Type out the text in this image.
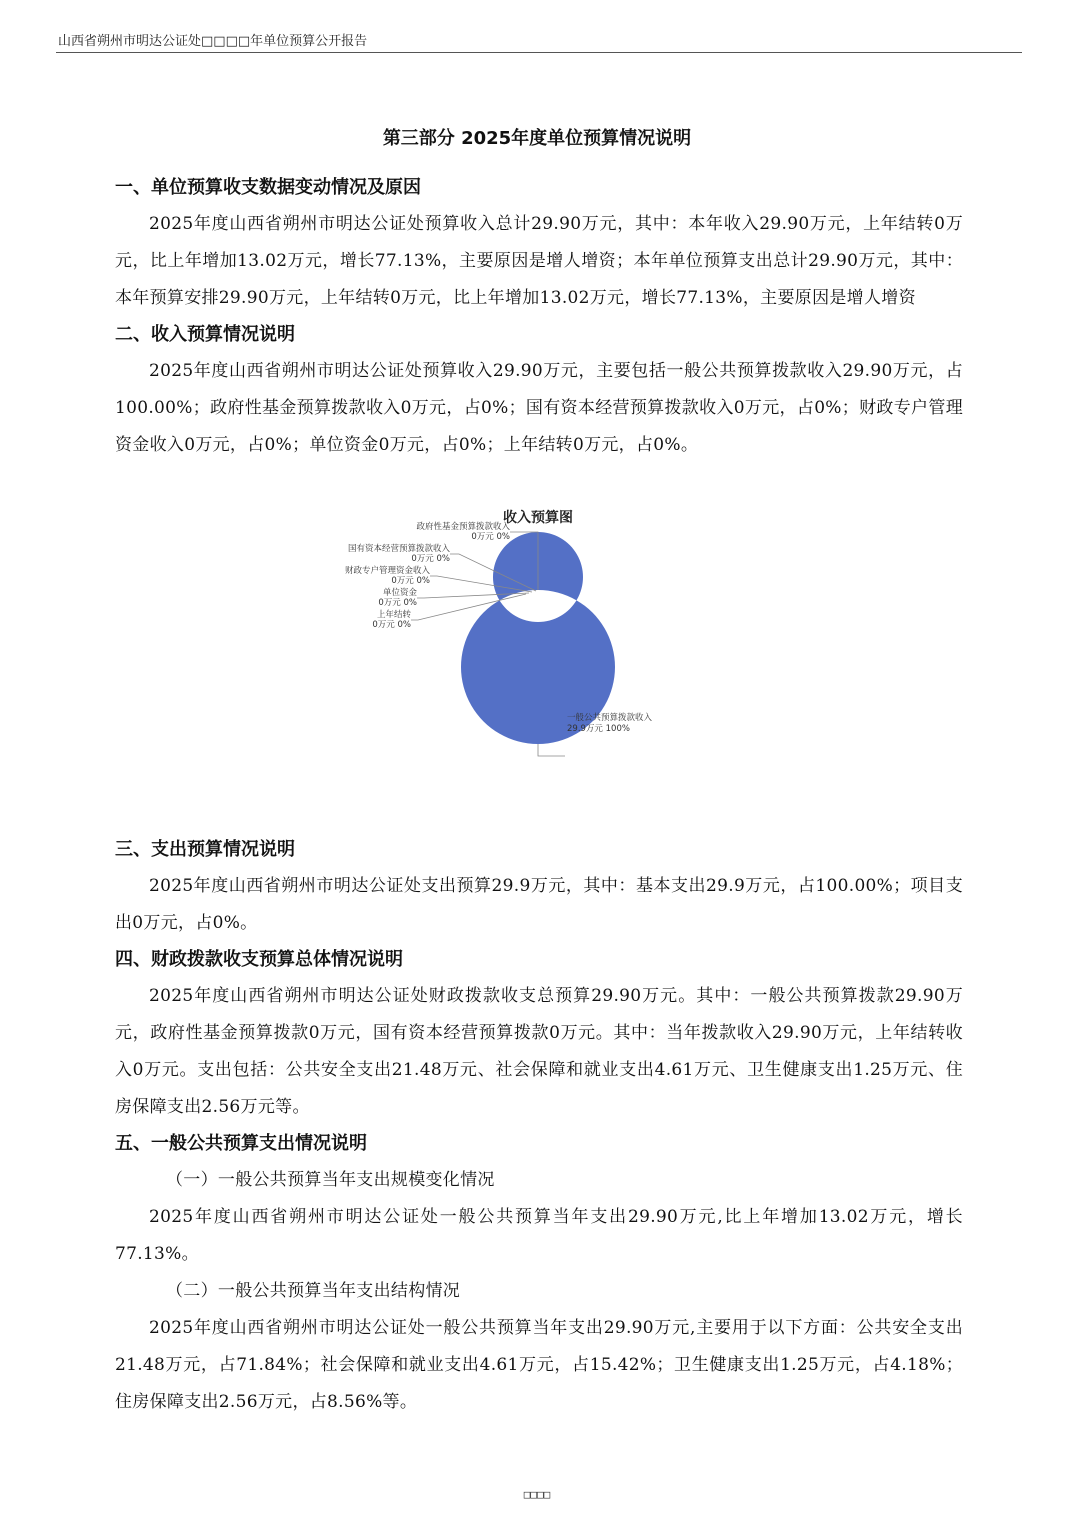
山西省朔州市明达公证处□□□□年单位预算公开报告
第三部分 2025年度单位预算情况说明
一、单位预算收支数据变动情况及原因

2025年度山西省朔州市明达公证处预算收入总计29.90万元，其中：本年收入29.90万元，上年结转0万元，比上年增加13.02万元，增长77.13%，主要原因是增人增资；本年单位预算支出总计29.90万元，其中：本年预算安排29.90万元，上年结转0万元，比上年增加13.02万元，增长77.13%，主要原因是增人增资

二、收入预算情况说明

2025年度山西省朔州市明达公证处预算收入29.90万元，主要包括一般公共预算拨款收入29.90万元，占100.00%；政府性基金预算拨款收入0万元，占0%；国有资本经营预算拨款收入0万元，占0%；财政专户管理资金收入0万元，占0%；单位资金0万元，占0%；上年结转0万元，占0%。

收入预算图
一般公共预算拨款收入
29.9万元 100%
政府性基金预算拨款收入
0万元 0%
国有资本经营预算拨款收入
0万元 0%
财政专户管理资金收入
0万元 0%
单位资金
0万元 0%
上年结转
0万元 0%
三、支出预算情况说明

2025年度山西省朔州市明达公证处支出预算29.9万元，其中：基本支出29.9万元，占100.00%；项目支出0万元，占0%。

四、财政拨款收支预算总体情况说明

2025年度山西省朔州市明达公证处财政拨款收支总预算29.90万元。其中：一般公共预算拨款29.90万元，政府性基金预算拨款0万元，国有资本经营预算拨款0万元。其中：当年拨款收入29.90万元，上年结转收入0万元。支出包括：公共安全支出21.48万元、社会保障和就业支出4.61万元、卫生健康支出1.25万元、住房保障支出2.56万元等。

五、一般公共预算支出情况说明

（一）一般公共预算当年支出规模变化情况

2025年度山西省朔州市明达公证处一般公共预算当年支出29.90万元,比上年增加13.02万元，增长77.13%。

（二）一般公共预算当年支出结构情况

2025年度山西省朔州市明达公证处一般公共预算当年支出29.90万元,主要用于以下方面：公共安全支出21.48万元，占71.84%；社会保障和就业支出4.61万元，占15.42%；卫生健康支出1.25万元，占4.18%；住房保障支出2.56万元，占8.56%等。

□□□□
